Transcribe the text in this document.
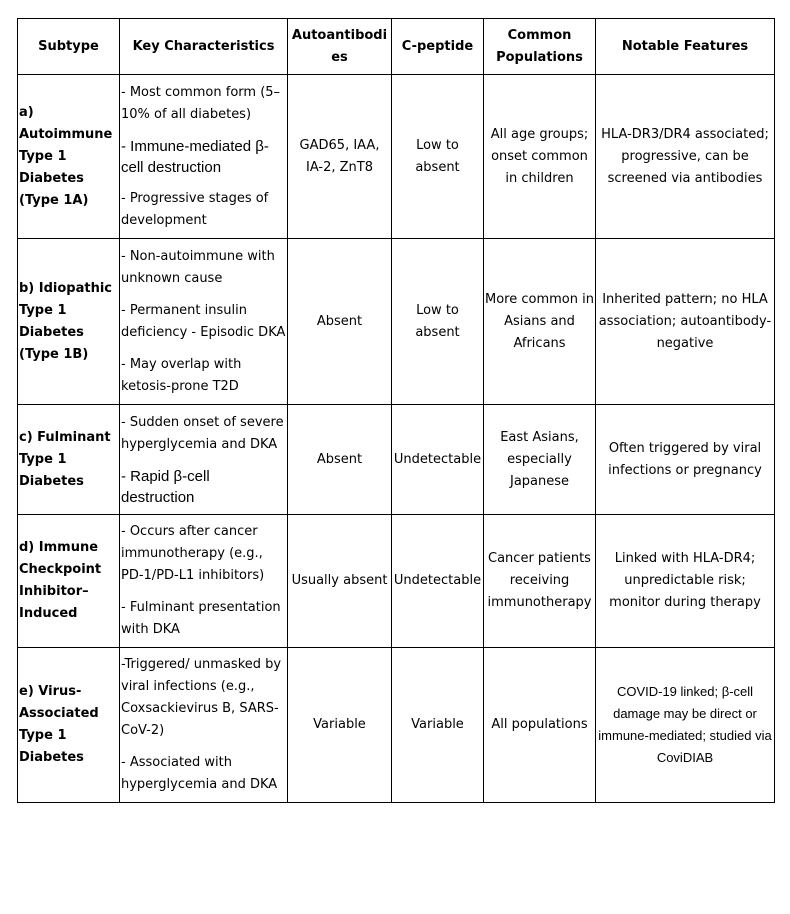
Subtype	Key Characteristics	Autoantibodies	C-peptide	Common Populations	Notable Features
a) Autoimmune Type 1 Diabetes (Type 1A)	- Most common form (5–10% of all diabetes)
- Immune-mediated β-cell destruction
- Progressive stages of development	GAD65, IAA, IA-2, ZnT8	Low to absent	All age groups; onset common in children	HLA-DR3/DR4 associated; progressive, can be screened via antibodies
b) Idiopathic Type 1 Diabetes (Type 1B)	- Non-autoimmune with unknown cause
- Permanent insulin deficiency - Episodic DKA
- May overlap with ketosis-prone T2D	Absent	Low to absent	More common in Asians and Africans	Inherited pattern; no HLA association; autoantibody-negative
c) Fulminant Type 1 Diabetes	- Sudden onset of severe hyperglycemia and DKA
- Rapid β-cell destruction	Absent	Undetectable	East Asians, especially Japanese	Often triggered by viral infections or pregnancy
d) Immune Checkpoint Inhibitor–Induced	- Occurs after cancer immunotherapy (e.g., PD-1/PD-L1 inhibitors)
- Fulminant presentation with DKA	Usually absent	Undetectable	Cancer patients receiving immunotherapy	Linked with HLA-DR4; unpredictable risk; monitor during therapy
e) Virus-Associated Type 1 Diabetes	-Triggered/ unmasked by viral infections (e.g., Coxsackievirus B, SARS-CoV-2)
- Associated with hyperglycemia and DKA	Variable	Variable	All populations	COVID-19 linked; β-cell damage may be direct or immune-mediated; studied via CoviDIAB
